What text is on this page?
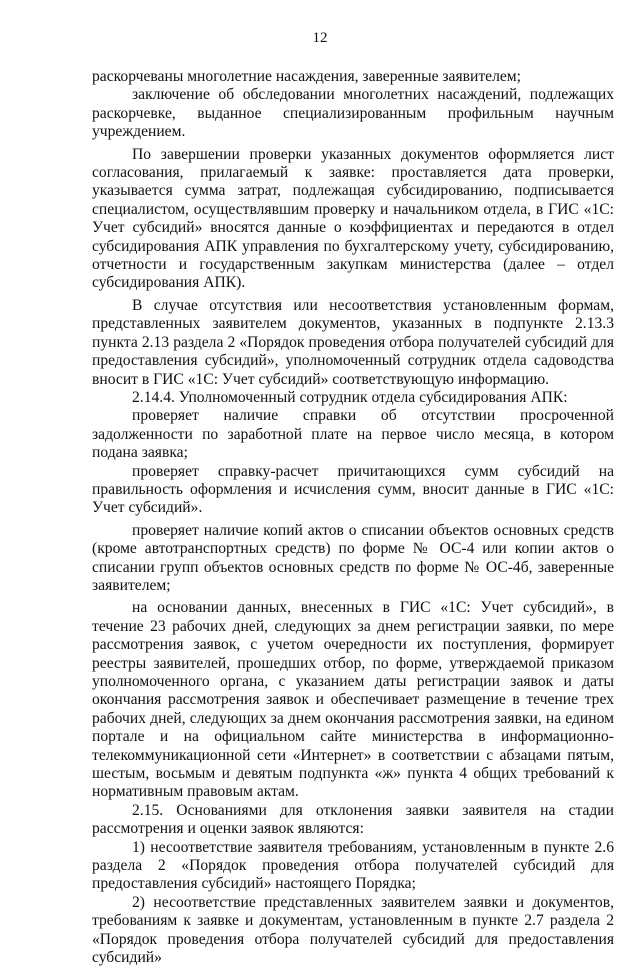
12

раскорчеваны многолетние насаждения, заверенные заявителем;

заключение об обследовании многолетних насаждений, подлежащих раскорчевке, выданное специализированным профильным научным учреждением.

По завершении проверки указанных документов оформляется лист согласования, прилагаемый к заявке: проставляется дата проверки, указывается сумма затрат, подлежащая субсидированию, подписывается специалистом, осуществлявшим проверку и начальником отдела, в ГИС «1С: Учет субсидий» вносятся данные о коэффициентах и передаются в отдел субсидирования АПК управления по бухгалтерскому учету, субсидированию, отчетности и государственным закупкам министерства (далее – отдел субсидирования АПК).

В случае отсутствия или несоответствия установленным формам, представленных заявителем документов, указанных в подпункте 2.13.3 пункта 2.13 раздела 2 «Порядок проведения отбора получателей субсидий для предоставления субсидий», уполномоченный сотрудник отдела садоводства вносит в ГИС «1С: Учет субсидий» соответствующую информацию.

2.14.4. Уполномоченный сотрудник отдела субсидирования АПК:

проверяет наличие справки об отсутствии просроченной задолженности по заработной плате на первое число месяца, в котором подана заявка;

проверяет справку-расчет причитающихся сумм субсидий на правильность оформления и исчисления сумм, вносит данные в ГИС «1С: Учет субсидий».

проверяет наличие копий актов о списании объектов основных средств (кроме автотранспортных средств) по форме № ОС-4 или копии актов о списании групп объектов основных средств по форме № ОС-4б, заверенные заявителем;

на основании данных, внесенных в ГИС «1С: Учет субсидий», в течение 23 рабочих дней, следующих за днем регистрации заявки, по мере рассмотрения заявок, с учетом очередности их поступления, формирует реестры заявителей, прошедших отбор, по форме, утверждаемой приказом уполномоченного органа, с указанием даты регистрации заявок и даты окончания рассмотрения заявок и обеспечивает размещение в течение трех рабочих дней, следующих за днем окончания рассмотрения заявки, на едином портале и на официальном сайте министерства в информационно-телекоммуникационной сети «Интернет» в соответствии с абзацами пятым, шестым, восьмым и девятым подпункта «ж» пункта 4 общих требований к нормативным правовым актам.

2.15. Основаниями для отклонения заявки заявителя на стадии рассмотрения и оценки заявок являются:

1) несоответствие заявителя требованиям, установленным в пункте 2.6 раздела 2 «Порядок проведения отбора получателей субсидий для предоставления субсидий» настоящего Порядка;

2) несоответствие представленных заявителем заявки и документов, требованиям к заявке и документам, установленным в пункте 2.7 раздела 2 «Порядок проведения отбора получателей субсидий для предоставления субсидий»
